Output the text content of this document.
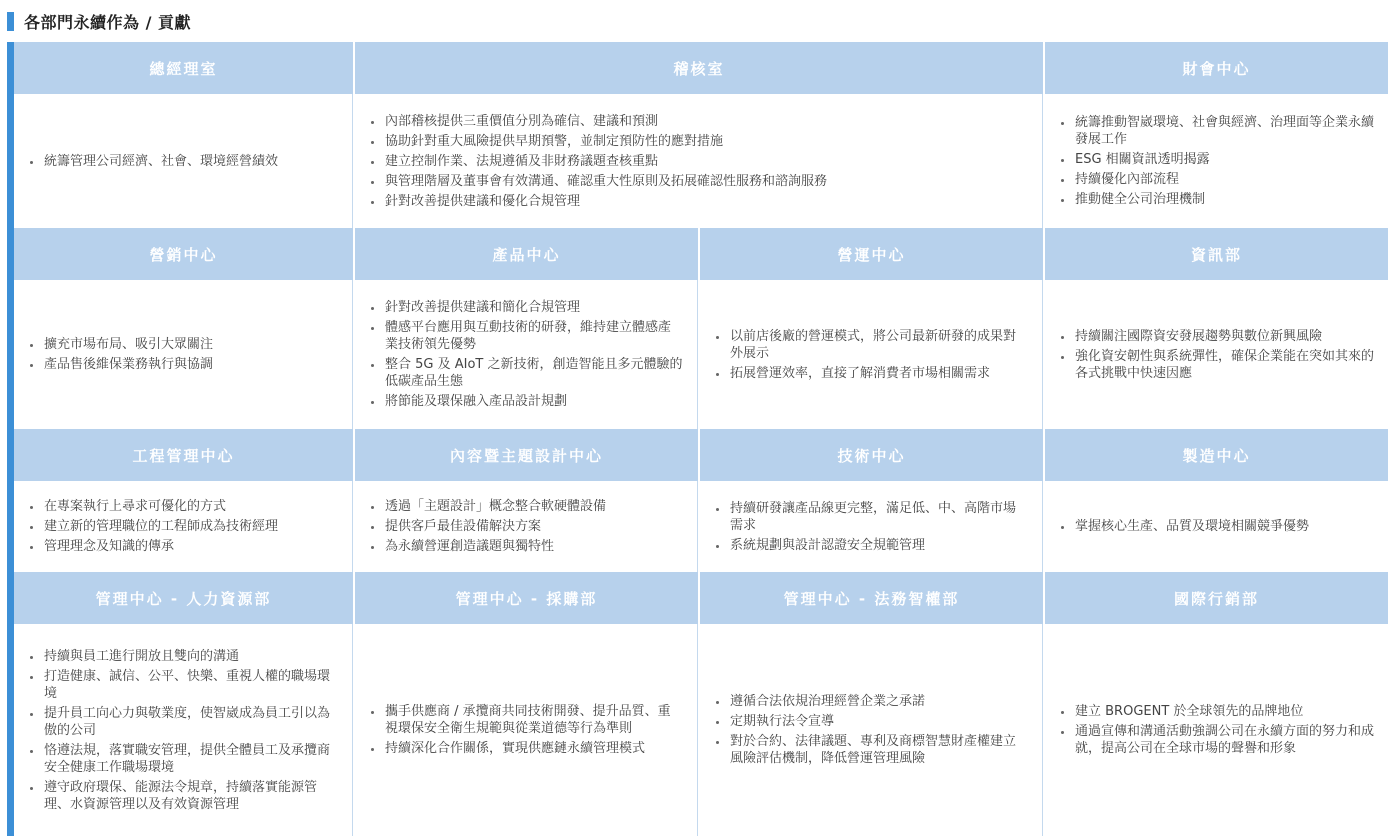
各部門永續作為 / 貢獻
總經理室
• 統籌管理公司經濟、社會、環境經營績效
稽核室
• 內部稽核提供三重價值分別為確信、建議和預測
• 協助針對重大風險提供早期預警，並制定預防性的應對措施
• 建立控制作業、法規遵循及非財務議題查核重點
• 與管理階層及董事會有效溝通、確認重大性原則及拓展確認性服務和諮詢服務
• 針對改善提供建議和優化合規管理
財會中心
• 統籌推動智崴環境、社會與經濟、治理面等企業永續發展工作
• ESG 相關資訊透明揭露
• 持續優化內部流程
• 推動健全公司治理機制
營銷中心
• 擴充市場布局、吸引大眾關注
• 產品售後維保業務執行與協調
產品中心
• 針對改善提供建議和簡化合規管理
• 體感平台應用與互動技術的研發，維持建立體感產業技術領先優勢
• 整合 5G 及 AIoT 之新技術，創造智能且多元體驗的低碳產品生態
• 將節能及環保融入產品設計規劃
營運中心
• 以前店後廠的營運模式，將公司最新研發的成果對外展示
• 拓展營運效率，直接了解消費者市場相關需求
資訊部
• 持續關注國際資安發展趨勢與數位新興風險
• 強化資安韌性與系統彈性，確保企業能在突如其來的各式挑戰中快速因應
工程管理中心
• 在專案執行上尋求可優化的方式
• 建立新的管理職位的工程師成為技術經理
• 管理理念及知識的傳承
內容暨主題設計中心
• 透過「主題設計」概念整合軟硬體設備
• 提供客戶最佳設備解決方案
• 為永續營運創造議題與獨特性
技術中心
• 持續研發讓產品線更完整，滿足低、中、高階市場需求
• 系統規劃與設計認證安全規範管理
製造中心
• 掌握核心生產、品質及環境相關競爭優勢
管理中心 - 人力資源部
• 持續與員工進行開放且雙向的溝通
• 打造健康、誠信、公平、快樂、重視人權的職場環境
• 提升員工向心力與敬業度，使智崴成為員工引以為傲的公司
• 恪遵法規，落實職安管理，提供全體員工及承攬商安全健康工作職場環境
• 遵守政府環保、能源法令規章，持續落實能源管理、水資源管理以及有效資源管理
管理中心 - 採購部
• 攜手供應商 / 承攬商共同技術開發、提升品質、重視環保安全衛生規範與從業道德等行為準則
• 持續深化合作關係，實現供應鏈永續管理模式
管理中心 - 法務智權部
• 遵循合法依規治理經營企業之承諾
• 定期執行法令宣導
• 對於合約、法律議題、專利及商標智慧財產權建立風險評估機制，降低營運管理風險
國際行銷部
• 建立 BROGENT 於全球領先的品牌地位
• 通過宣傳和溝通活動強調公司在永續方面的努力和成就，提高公司在全球市場的聲譽和形象
